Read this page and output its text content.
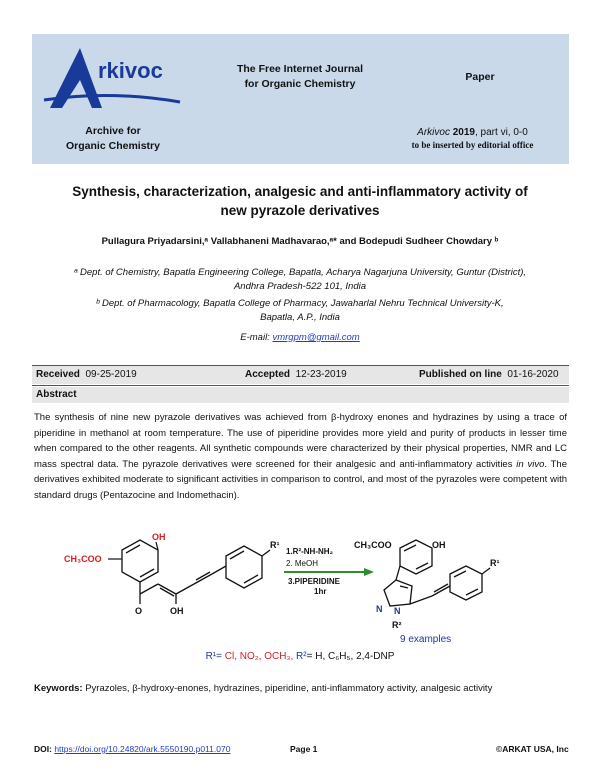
rkivoc	The Free Internet Journal
for Organic Chemistry
Paper
Archive for
Organic Chemistry
Arkivoc 2019, part vi, 0-0
to be inserted by editorial office
Synthesis, characterization, analgesic and anti-inflammatory activity of
new pyrazole derivatives
Pullagura Priyadarsini,ᵃ Vallabhaneni Madhavarao,ᵃ* and Bodepudi Sudheer Chowdary ᵇ
ᵃ Dept. of Chemistry, Bapatla Engineering College, Bapatla, Acharya Nagarjuna University, Guntur (District),
Andhra Pradesh-522 101, India
ᵇ Dept. of Pharmacology, Bapatla College of Pharmacy, Jawaharlal Nehru Technical University-K,
Bapatla, A.P., India
E-mail: vmrgpm@gmail.com
Received 09-25-2019	Accepted 12-23-2019	Published on line 01-16-2020
Abstract
The synthesis of nine new pyrazole derivatives was achieved from β-hydroxy enones and hydrazines by using a trace of piperidine in methanol at room temperature. The use of piperidine provides more yield and purity of products in lesser time when compared to the other reagents. All synthetic compounds were characterized by their physical properties, NMR and LC mass spectral data. The pyrazole derivatives were screened for their analgesic and anti-inflammatory activities in vivo. The derivatives exhibited moderate to significant activities in comparison to control, and most of the pyrazoles were competent with standard drugs (Pentazocine and Indomethacin).
CH₃COO
OH
O	OH
R¹
1.R²-NH-NH₂
2. MeOH
3.PIPERIDINE
1hr
CH₃COO	OH
N N
R²
R¹
9 examples
R¹= Cl, NO₂, OCH₃, R²= H, C₆H₅, 2,4-DNP
Keywords: Pyrazoles, β-hydroxy-enones, hydrazines, piperidine, anti-inflammatory activity, analgesic activity
DOI: https://doi.org/10.24820/ark.5550190.p011.070	Page 1	©ARKAT USA, Inc
